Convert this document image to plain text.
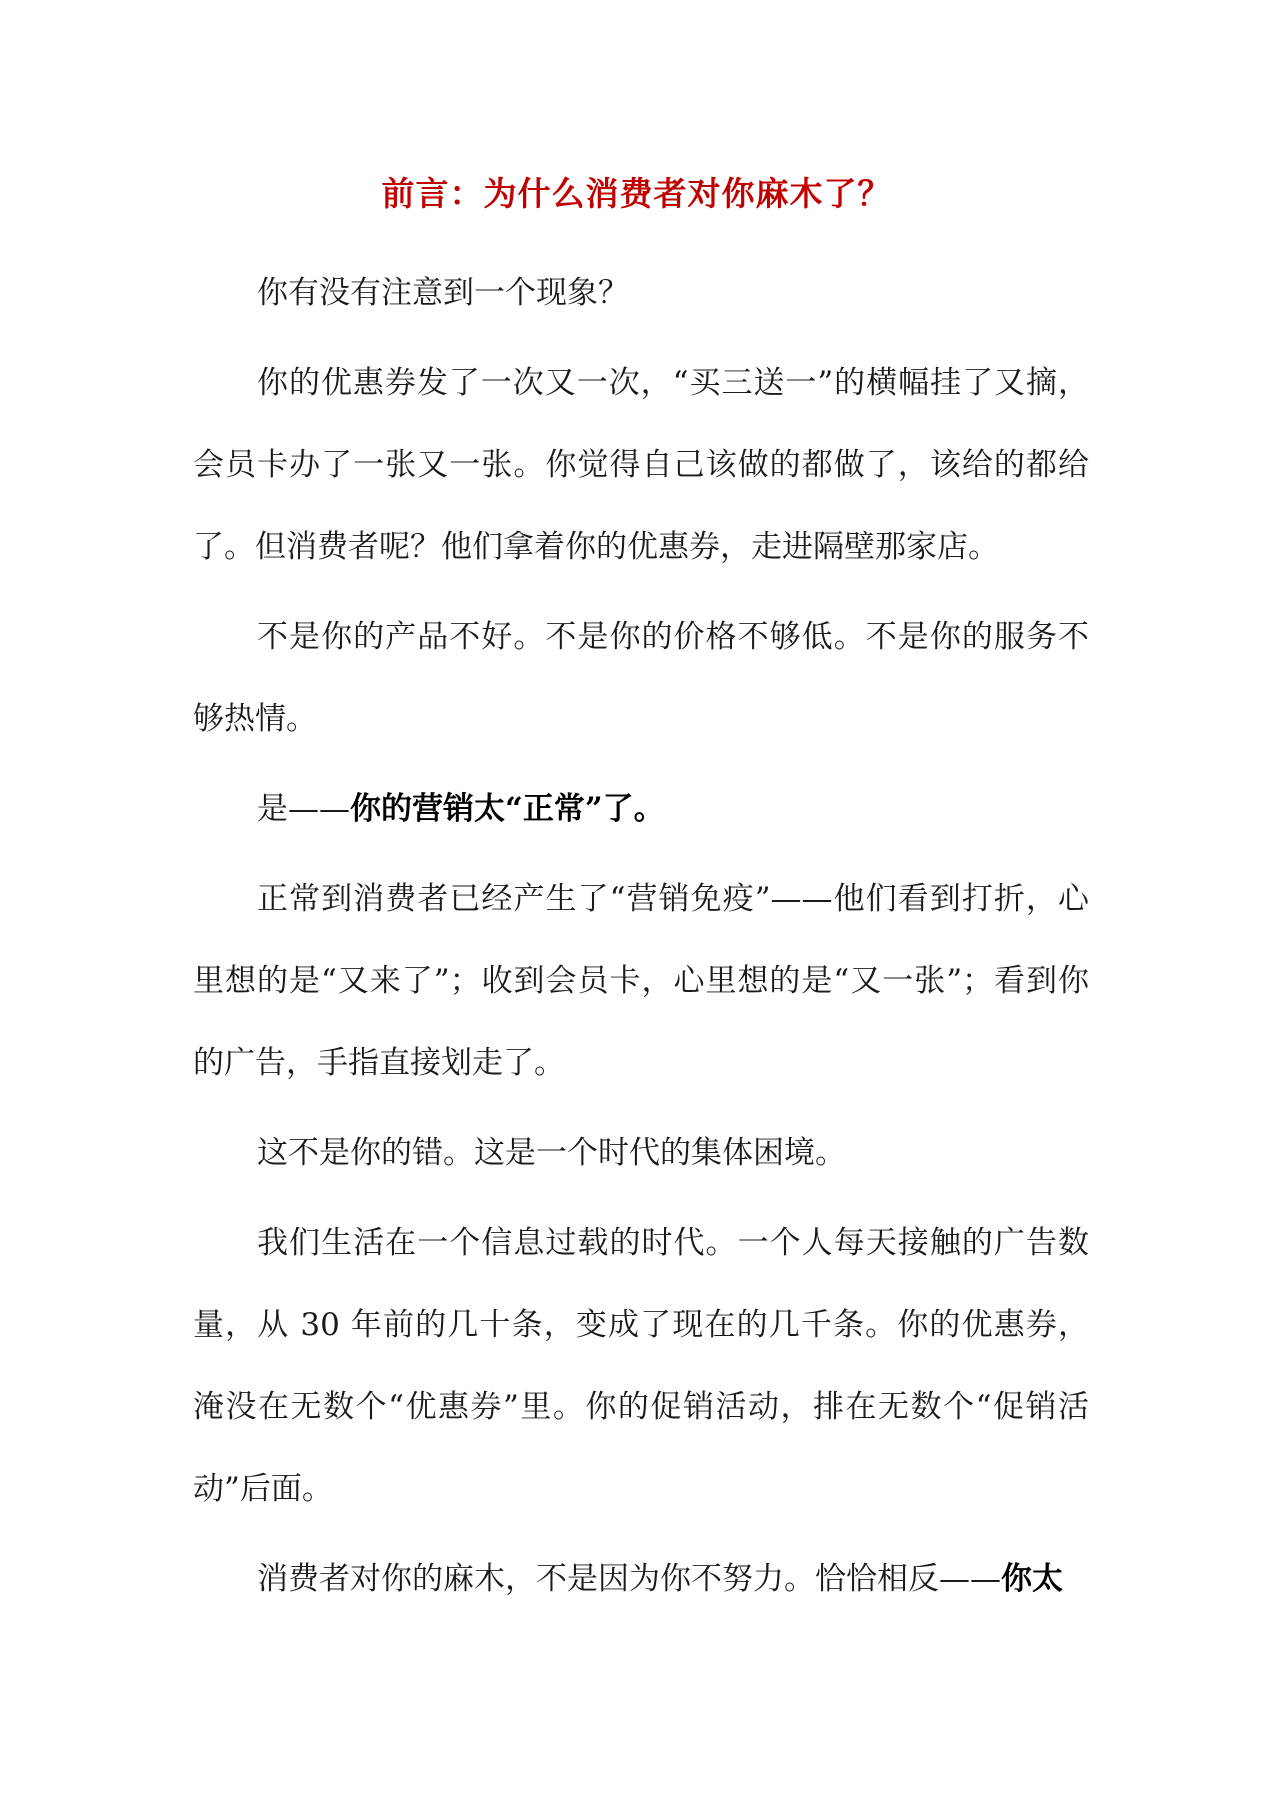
前言：为什么消费者对你麻木了？

你有没有注意到一个现象？

你的优惠券发了一次又一次，“买三送一”的横幅挂了又摘，会员卡办了一张又一张。你觉得自己该做的都做了，该给的都给了。但消费者呢？他们拿着你的优惠券，走进隔壁那家店。

不是你的产品不好。不是你的价格不够低。不是你的服务不够热情。

是——你的营销太“正常”了。

正常到消费者已经产生了“营销免疫”——他们看到打折，心里想的是“又来了”；收到会员卡，心里想的是“又一张”；看到你的广告，手指直接划走了。

这不是你的错。这是一个时代的集体困境。

我们生活在一个信息过载的时代。一个人每天接触的广告数量，从 30 年前的几十条，变成了现在的几千条。你的优惠券，淹没在无数个“优惠券”里。你的促销活动，排在无数个“促销活动”后面。

消费者对你的麻木，不是因为你不努力。恰恰相反——你太
